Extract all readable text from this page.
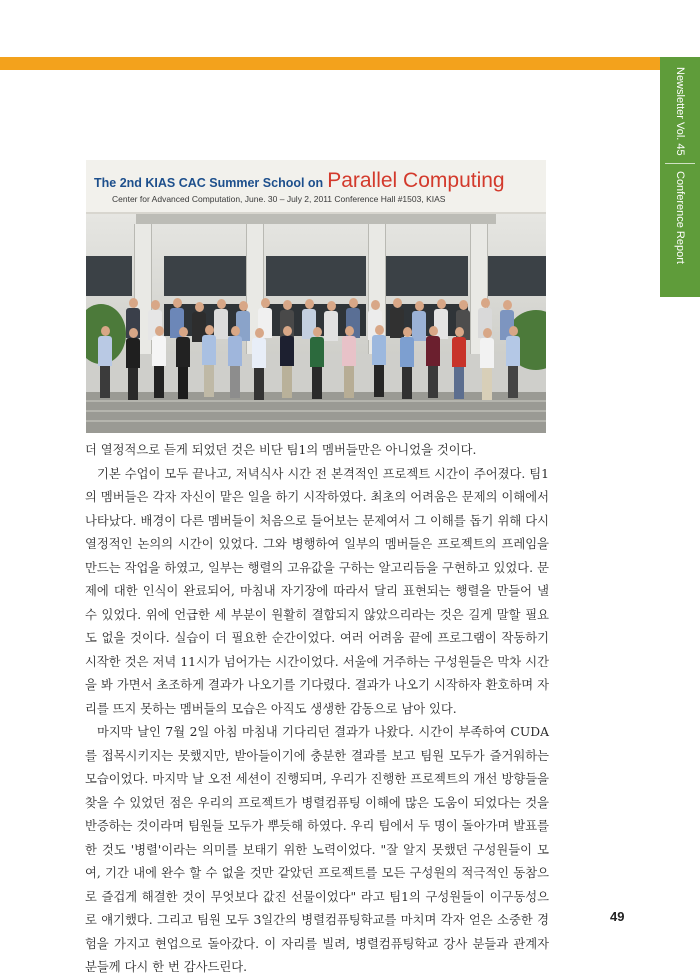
Newsletter Vol. 45
Conference Report
The 2nd KIAS CAC Summer School on Parallel Computing
Center for Advanced Computation, June. 30 – July 2, 2011 Conference Hall #1503, KIAS

더 열정적으로 듣게 되었던 것은 비단 팀1의 멤버들만은 아니었을 것이다.

기본 수업이 모두 끝나고, 저녁식사 시간 전 본격적인 프로젝트 시간이 주어졌다. 팀1의 멤버들은 각자 자신이 맡은 일을 하기 시작하였다. 최초의 어려움은 문제의 이해에서 나타났다. 배경이 다른 멤버들이 처음으로 들어보는 문제여서 그 이해를 돕기 위해 다시 열정적인 논의의 시간이 있었다. 그와 병행하여 일부의 멤버들은 프로젝트의 프레임을 만드는 작업을 하였고, 일부는 행렬의 고유값을 구하는 알고리듬을 구현하고 있었다. 문제에 대한 인식이 완료되어, 마침내 자기장에 따라서 달리 표현되는 행렬을 만들어 낼 수 있었다. 위에 언급한 세 부분이 원활히 결합되지 않았으리라는 것은 길게 말할 필요도 없을 것이다. 실습이 더 필요한 순간이었다. 여러 어려움 끝에 프로그램이 작동하기 시작한 것은 저녁 11시가 넘어가는 시간이었다. 서울에 거주하는 구성원들은 막차 시간을 봐 가면서 초조하게 결과가 나오기를 기다렸다. 결과가 나오기 시작하자 환호하며 자리를 뜨지 못하는 멤버들의 모습은 아직도 생생한 감동으로 남아 있다.

마지막 날인 7월 2일 아침 마침내 기다리던 결과가 나왔다. 시간이 부족하여 CUDA를 접목시키지는 못했지만, 받아들이기에 충분한 결과를 보고 팀원 모두가 즐거워하는 모습이었다. 마지막 날 오전 세션이 진행되며, 우리가 진행한 프로젝트의 개선 방향들을 찾을 수 있었던 점은 우리의 프로젝트가 병렬컴퓨팅 이해에 많은 도움이 되었다는 것을 반증하는 것이라며 팀원들 모두가 뿌듯해 하였다. 우리 팀에서 두 명이 돌아가며 발표를 한 것도 '병렬'이라는 의미를 보태기 위한 노력이었다. "잘 알지 못했던 구성원들이 모여, 기간 내에 완수 할 수 없을 것만 같았던 프로젝트를 모든 구성원의 적극적인 동참으로 즐겁게 해결한 것이 무엇보다 값진 선물이었다" 라고 팀1의 구성원들이 이구동성으로 얘기했다. 그리고 팀원 모두 3일간의 병렬컴퓨팅학교를 마치며 각자 얻은 소중한 경험을 가지고 현업으로 돌아갔다. 이 자리를 빌려, 병렬컴퓨팅학교 강사 분들과 관계자 분들께 다시 한 번 감사드린다.

49
